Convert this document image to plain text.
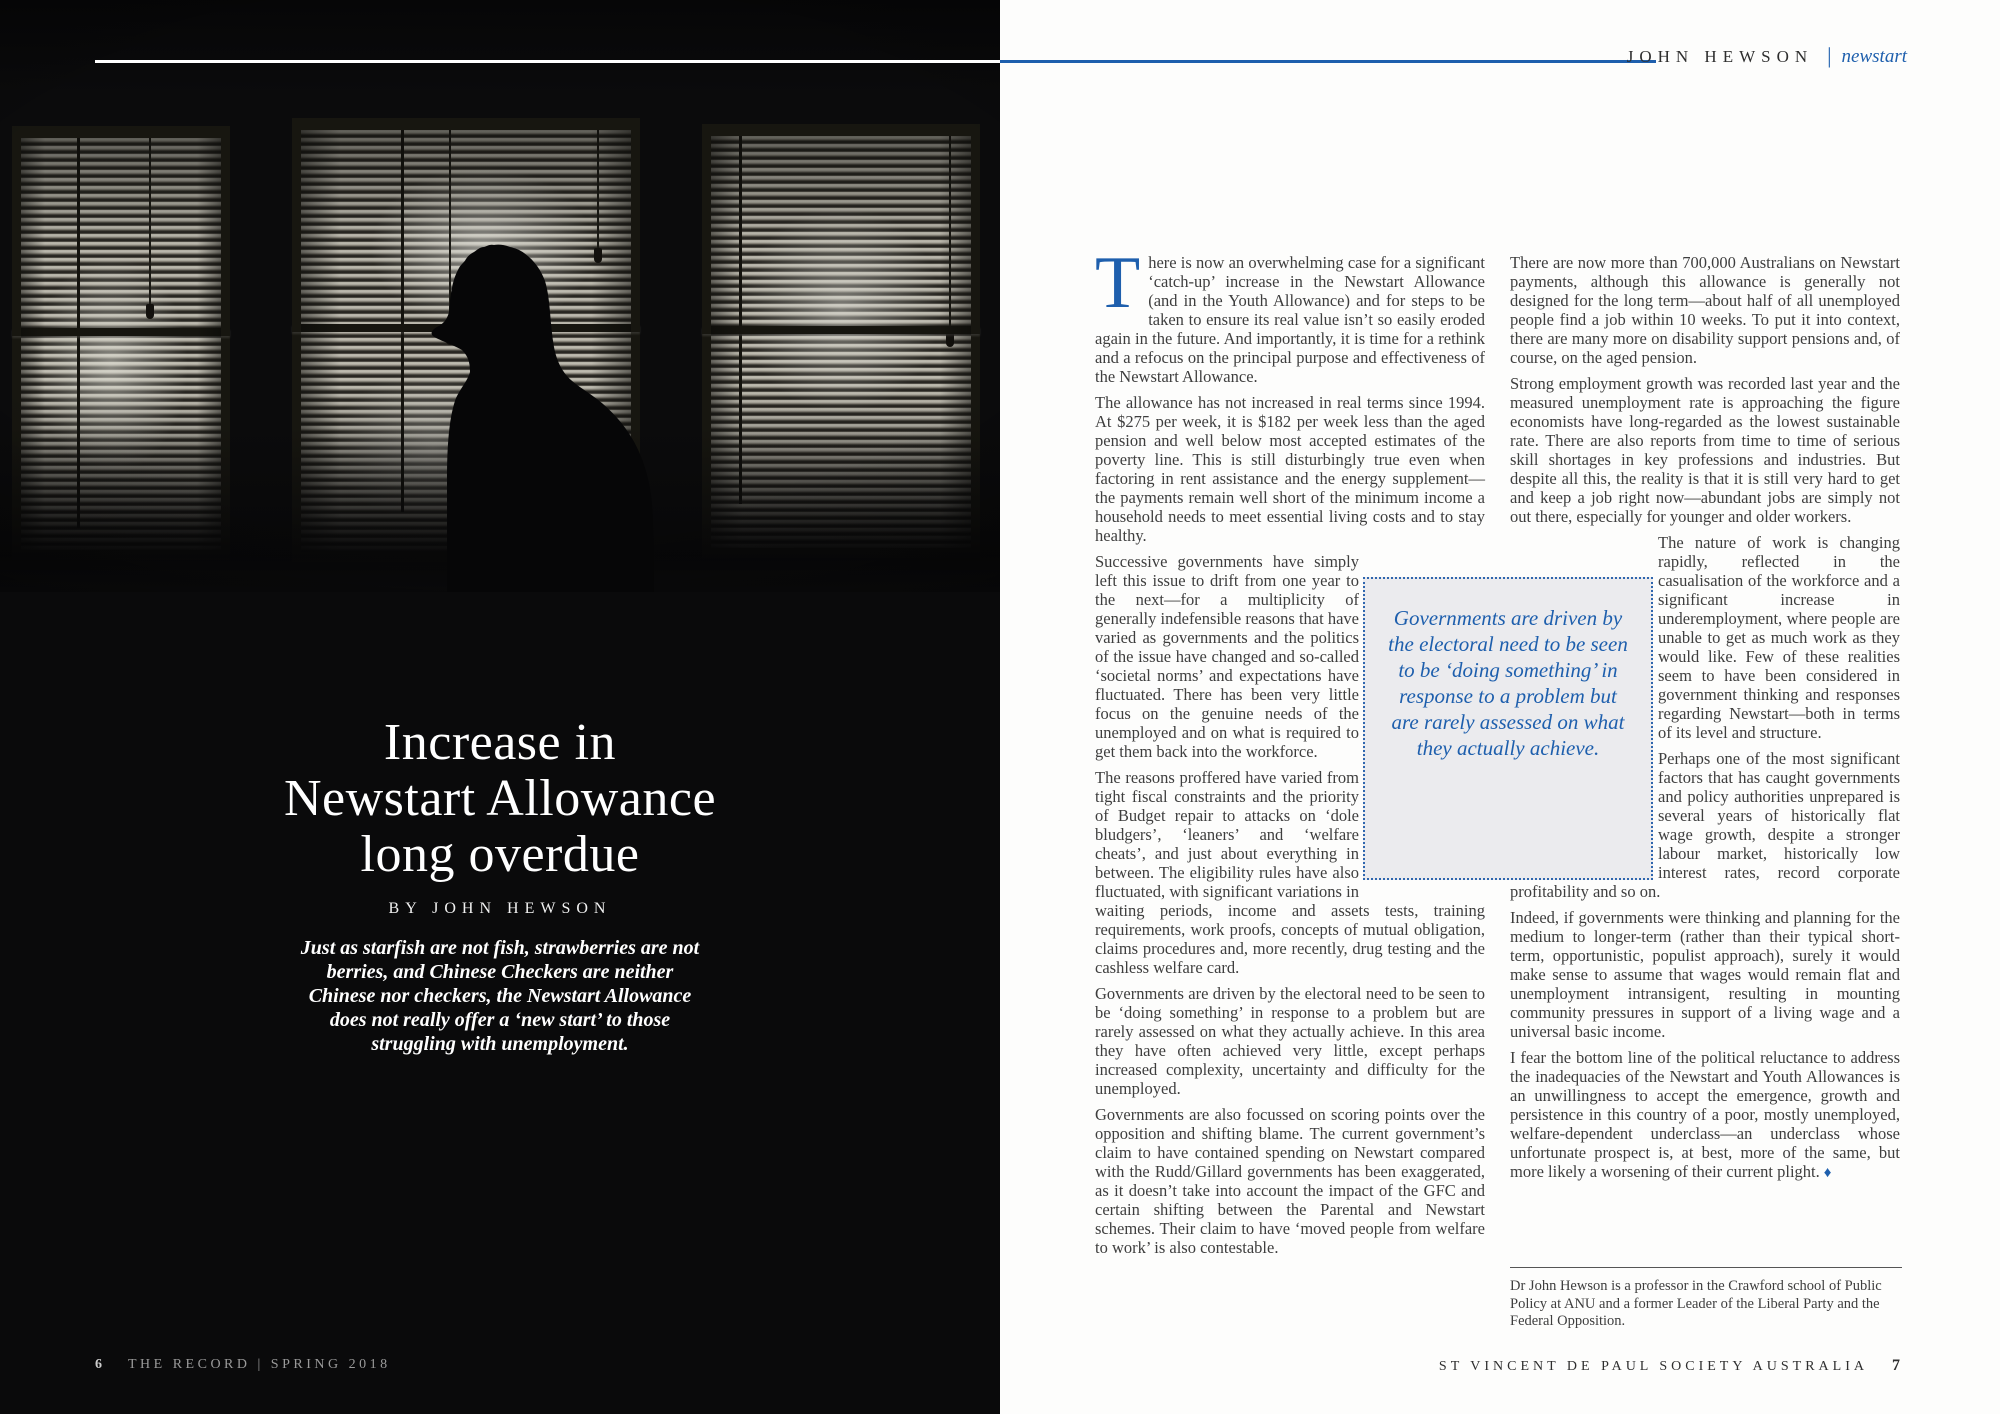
Increase in
Newstart Allowance
long overdue
BY JOHN HEWSON
Just as starfish are not fish, strawberries are not berries, and Chinese Checkers are neither Chinese nor checkers, the Newstart Allowance does not really offer a ‘new start’ to those struggling with unemployment.
6 THE RECORD | SPRING 2018
JOHN HEWSON | newstart

There is now an overwhelming case for a significant ‘catch-up’ increase in the Newstart Allowance (and in the Youth Allowance) and for steps to be taken to ensure its real value isn’t so easily eroded again in the future. And importantly, it is time for a rethink and a refocus on the principal purpose and effectiveness of the Newstart Allowance.

The allowance has not increased in real terms since 1994. At $275 per week, it is $182 per week less than the aged pension and well below most accepted estimates of the poverty line. This is still disturbingly true even when factoring in rent assistance and the energy supplement—the payments remain well short of the minimum income a household needs to meet essential living costs and to stay healthy.

Successive governments have simply left this issue to drift from one year to the next—for a multiplicity of generally indefensible reasons that have varied as governments and the politics of the issue have changed and so-called ‘societal norms’ and expectations have fluctuated. There has been very little focus on the genuine needs of the unemployed and on what is required to get them back into the workforce.

The reasons proffered have varied from tight fiscal constraints and the priority of Budget repair to attacks on ‘dole bludgers’, ‘leaners’ and ‘welfare cheats’, and just about everything in between. The eligibility rules have also fluctuated, with significant variations in waiting periods, income and assets tests, training requirements, work proofs, concepts of mutual obligation, claims procedures and, more recently, drug testing and the cashless welfare card.

Governments are driven by the electoral need to be seen to be ‘doing something’ in response to a problem but are rarely assessed on what they actually achieve. In this area they have often achieved very little, except perhaps increased complexity, uncertainty and difficulty for the unemployed.

Governments are also focussed on scoring points over the opposition and shifting blame. The current government’s claim to have contained spending on Newstart compared with the Rudd/Gillard governments has been exaggerated, as it doesn’t take into account the impact of the GFC and certain shifting between the Parental and Newstart schemes. Their claim to have ‘moved people from welfare to work’ is also contestable.

There are now more than 700,000 Australians on Newstart payments, although this allowance is generally not designed for the long term—about half of all unemployed people find a job within 10 weeks. To put it into context, there are many more on disability support pensions and, of course, on the aged pension.

Strong employment growth was recorded last year and the measured unemployment rate is approaching the figure economists have long-regarded as the lowest sustainable rate. There are also reports from time to time of serious skill shortages in key professions and industries. But despite all this, the reality is that it is still very hard to get and keep a job right now—abundant jobs are simply not out there, especially for younger and older workers.

The nature of work is changing rapidly, reflected in the casualisation of the workforce and a significant increase in underemployment, where people are unable to get as much work as they would like. Few of these realities seem to have been considered in government thinking and responses regarding Newstart—both in terms of its level and structure.

Perhaps one of the most significant factors that has caught governments and policy authorities unprepared is several years of historically flat wage growth, despite a stronger labour market, historically low interest rates, record corporate profitability and so on.

Indeed, if governments were thinking and planning for the medium to longer-term (rather than their typical short-term, opportunistic, populist approach), surely it would make sense to assume that wages would remain flat and unemployment intransigent, resulting in mounting community pressures in support of a living wage and a universal basic income.

I fear the bottom line of the political reluctance to address the inadequacies of the Newstart and Youth Allowances is an unwillingness to accept the emergence, growth and persistence in this country of a poor, mostly unemployed, welfare-dependent underclass—an underclass whose unfortunate prospect is, at best, more of the same, but more likely a worsening of their current plight. ♦

Governments are driven by the electoral need to be seen to be ‘doing something’ in response to a problem but are rarely assessed on what they actually achieve.
Dr John Hewson is a professor in the Crawford school of Public Policy at ANU and a former Leader of the Liberal Party and the Federal Opposition.
ST VINCENT DE PAUL SOCIETY AUSTRALIA 7
